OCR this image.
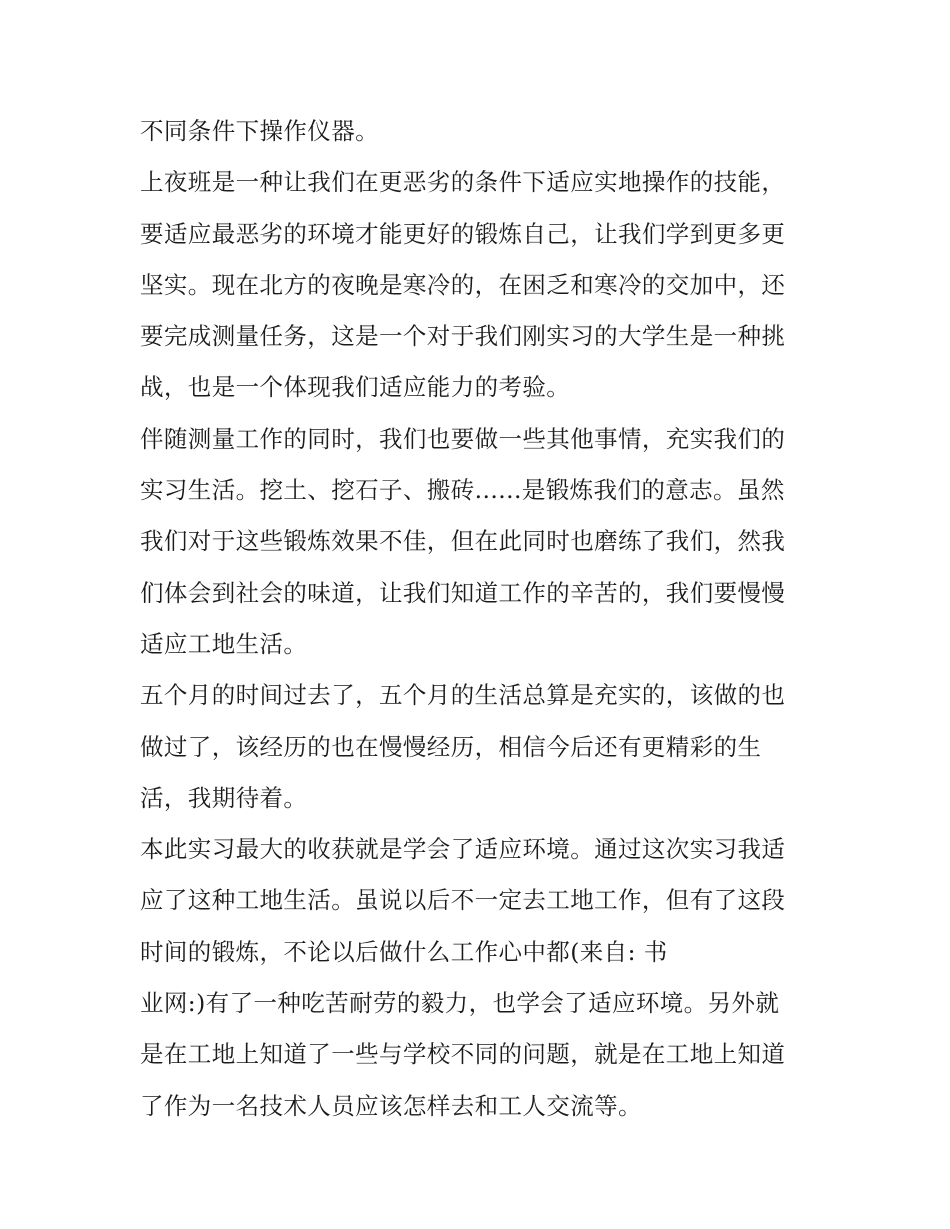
不同条件下操作仪器。
上夜班是一种让我们在更恶劣的条件下适应实地操作的技能，
要适应最恶劣的环境才能更好的锻炼自己，让我们学到更多更
坚实。现在北方的夜晚是寒冷的，在困乏和寒冷的交加中，还
要完成测量任务，这是一个对于我们刚实习的大学生是一种挑
战，也是一个体现我们适应能力的考验。
伴随测量工作的同时，我们也要做一些其他事情，充实我们的
实习生活。挖土、挖石子、搬砖......是锻炼我们的意志。虽然
我们对于这些锻炼效果不佳，但在此同时也磨练了我们，然我
们体会到社会的味道，让我们知道工作的辛苦的，我们要慢慢
适应工地生活。
五个月的时间过去了，五个月的生活总算是充实的，该做的也
做过了，该经历的也在慢慢经历，相信今后还有更精彩的生
活，我期待着。
本此实习最大的收获就是学会了适应环境。通过这次实习我适
应了这种工地生活。虽说以后不一定去工地工作，但有了这段
时间的锻炼，不论以后做什么工作心中都(来自: 书
业网:)有了一种吃苦耐劳的毅力，也学会了适应环境。另外就
是在工地上知道了一些与学校不同的问题，就是在工地上知道
了作为一名技术人员应该怎样去和工人交流等。
